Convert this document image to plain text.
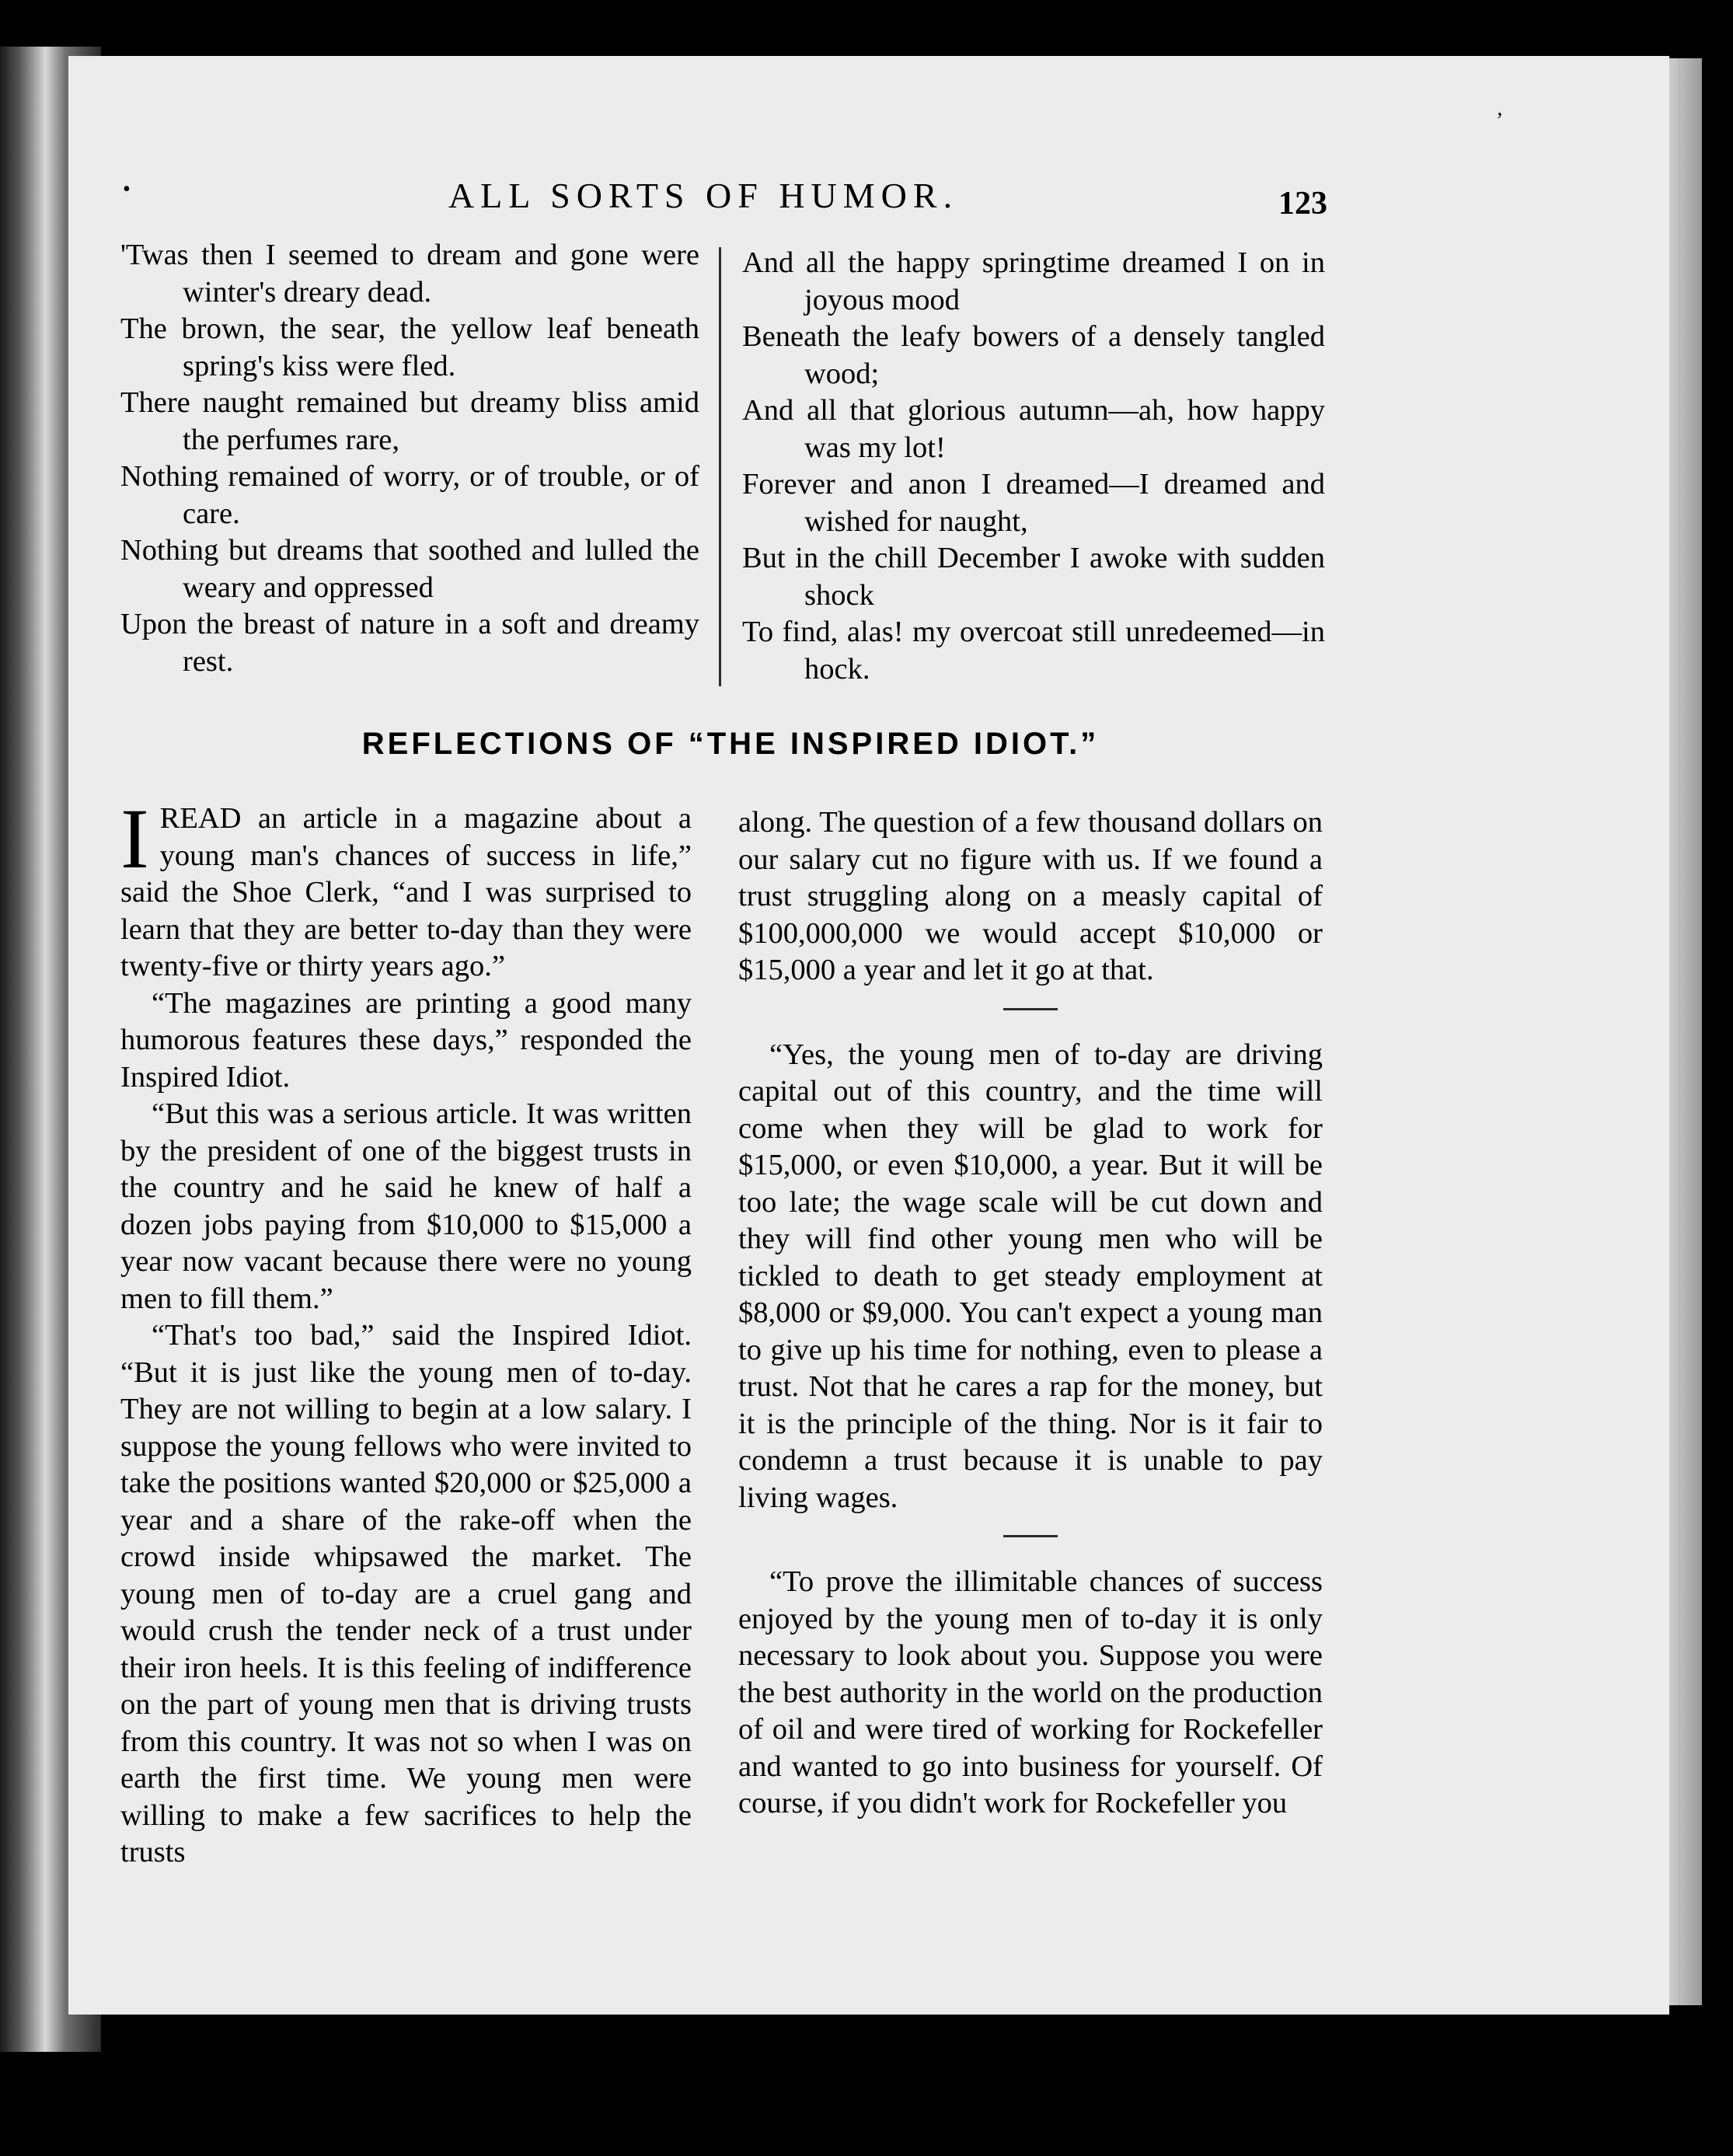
•
’
ALL SORTS OF HUMOR.	123
'Twas then I seemed to dream and gone were winter's dreary dead.
The brown, the sear, the yellow leaf beneath spring's kiss were fled.
There naught remained but dreamy bliss amid the perfumes rare,
Nothing remained of worry, or of trouble, or of care.
Nothing but dreams that soothed and lulled the weary and oppressed
Upon the breast of nature in a soft and dreamy rest.
And all the happy springtime dreamed I on in joyous mood
Beneath the leafy bowers of a densely tangled wood;
And all that glorious autumn—ah, how happy was my lot!
Forever and anon I dreamed—I dreamed and wished for naught,
But in the chill December I awoke with sudden shock
To find, alas! my overcoat still unredeemed—in hock.
REFLECTIONS OF “THE INSPIRED IDIOT.”

IREAD an article in a magazine about a young man's chances of success in life,” said the Shoe Clerk, “and I was surprised to learn that they are better to-day than they were twenty-five or thirty years ago.”

“The magazines are printing a good many humorous features these days,” responded the Inspired Idiot.

“But this was a serious article. It was written by the president of one of the biggest trusts in the country and he said he knew of half a dozen jobs paying from $10,000 to $15,000 a year now vacant because there were no young men to fill them.”

“That's too bad,” said the Inspired Idiot. “But it is just like the young men of to-day. They are not willing to begin at a low salary. I suppose the young fellows who were invited to take the positions wanted $20,000 or $25,000 a year and a share of the rake-off when the crowd inside whipsawed the market. The young men of to-day are a cruel gang and would crush the tender neck of a trust under their iron heels. It is this feeling of indifference on the part of young men that is driving trusts from this country. It was not so when I was on earth the first time. We young men were willing to make a few sacrifices to help the trusts

along. The question of a few thousand dollars on our salary cut no figure with us. If we found a trust struggling along on a measly capital of $100,000,000 we would accept $10,000 or $15,000 a year and let it go at that.

“Yes, the young men of to-day are driving capital out of this country, and the time will come when they will be glad to work for $15,000, or even $10,000, a year. But it will be too late; the wage scale will be cut down and they will find other young men who will be tickled to death to get steady employment at $8,000 or $9,000. You can't expect a young man to give up his time for nothing, even to please a trust. Not that he cares a rap for the money, but it is the principle of the thing. Nor is it fair to condemn a trust because it is unable to pay living wages.

“To prove the illimitable chances of success enjoyed by the young men of to-day it is only necessary to look about you. Suppose you were the best authority in the world on the production of oil and were tired of working for Rockefeller and wanted to go into business for yourself. Of course, if you didn't work for Rockefeller you
